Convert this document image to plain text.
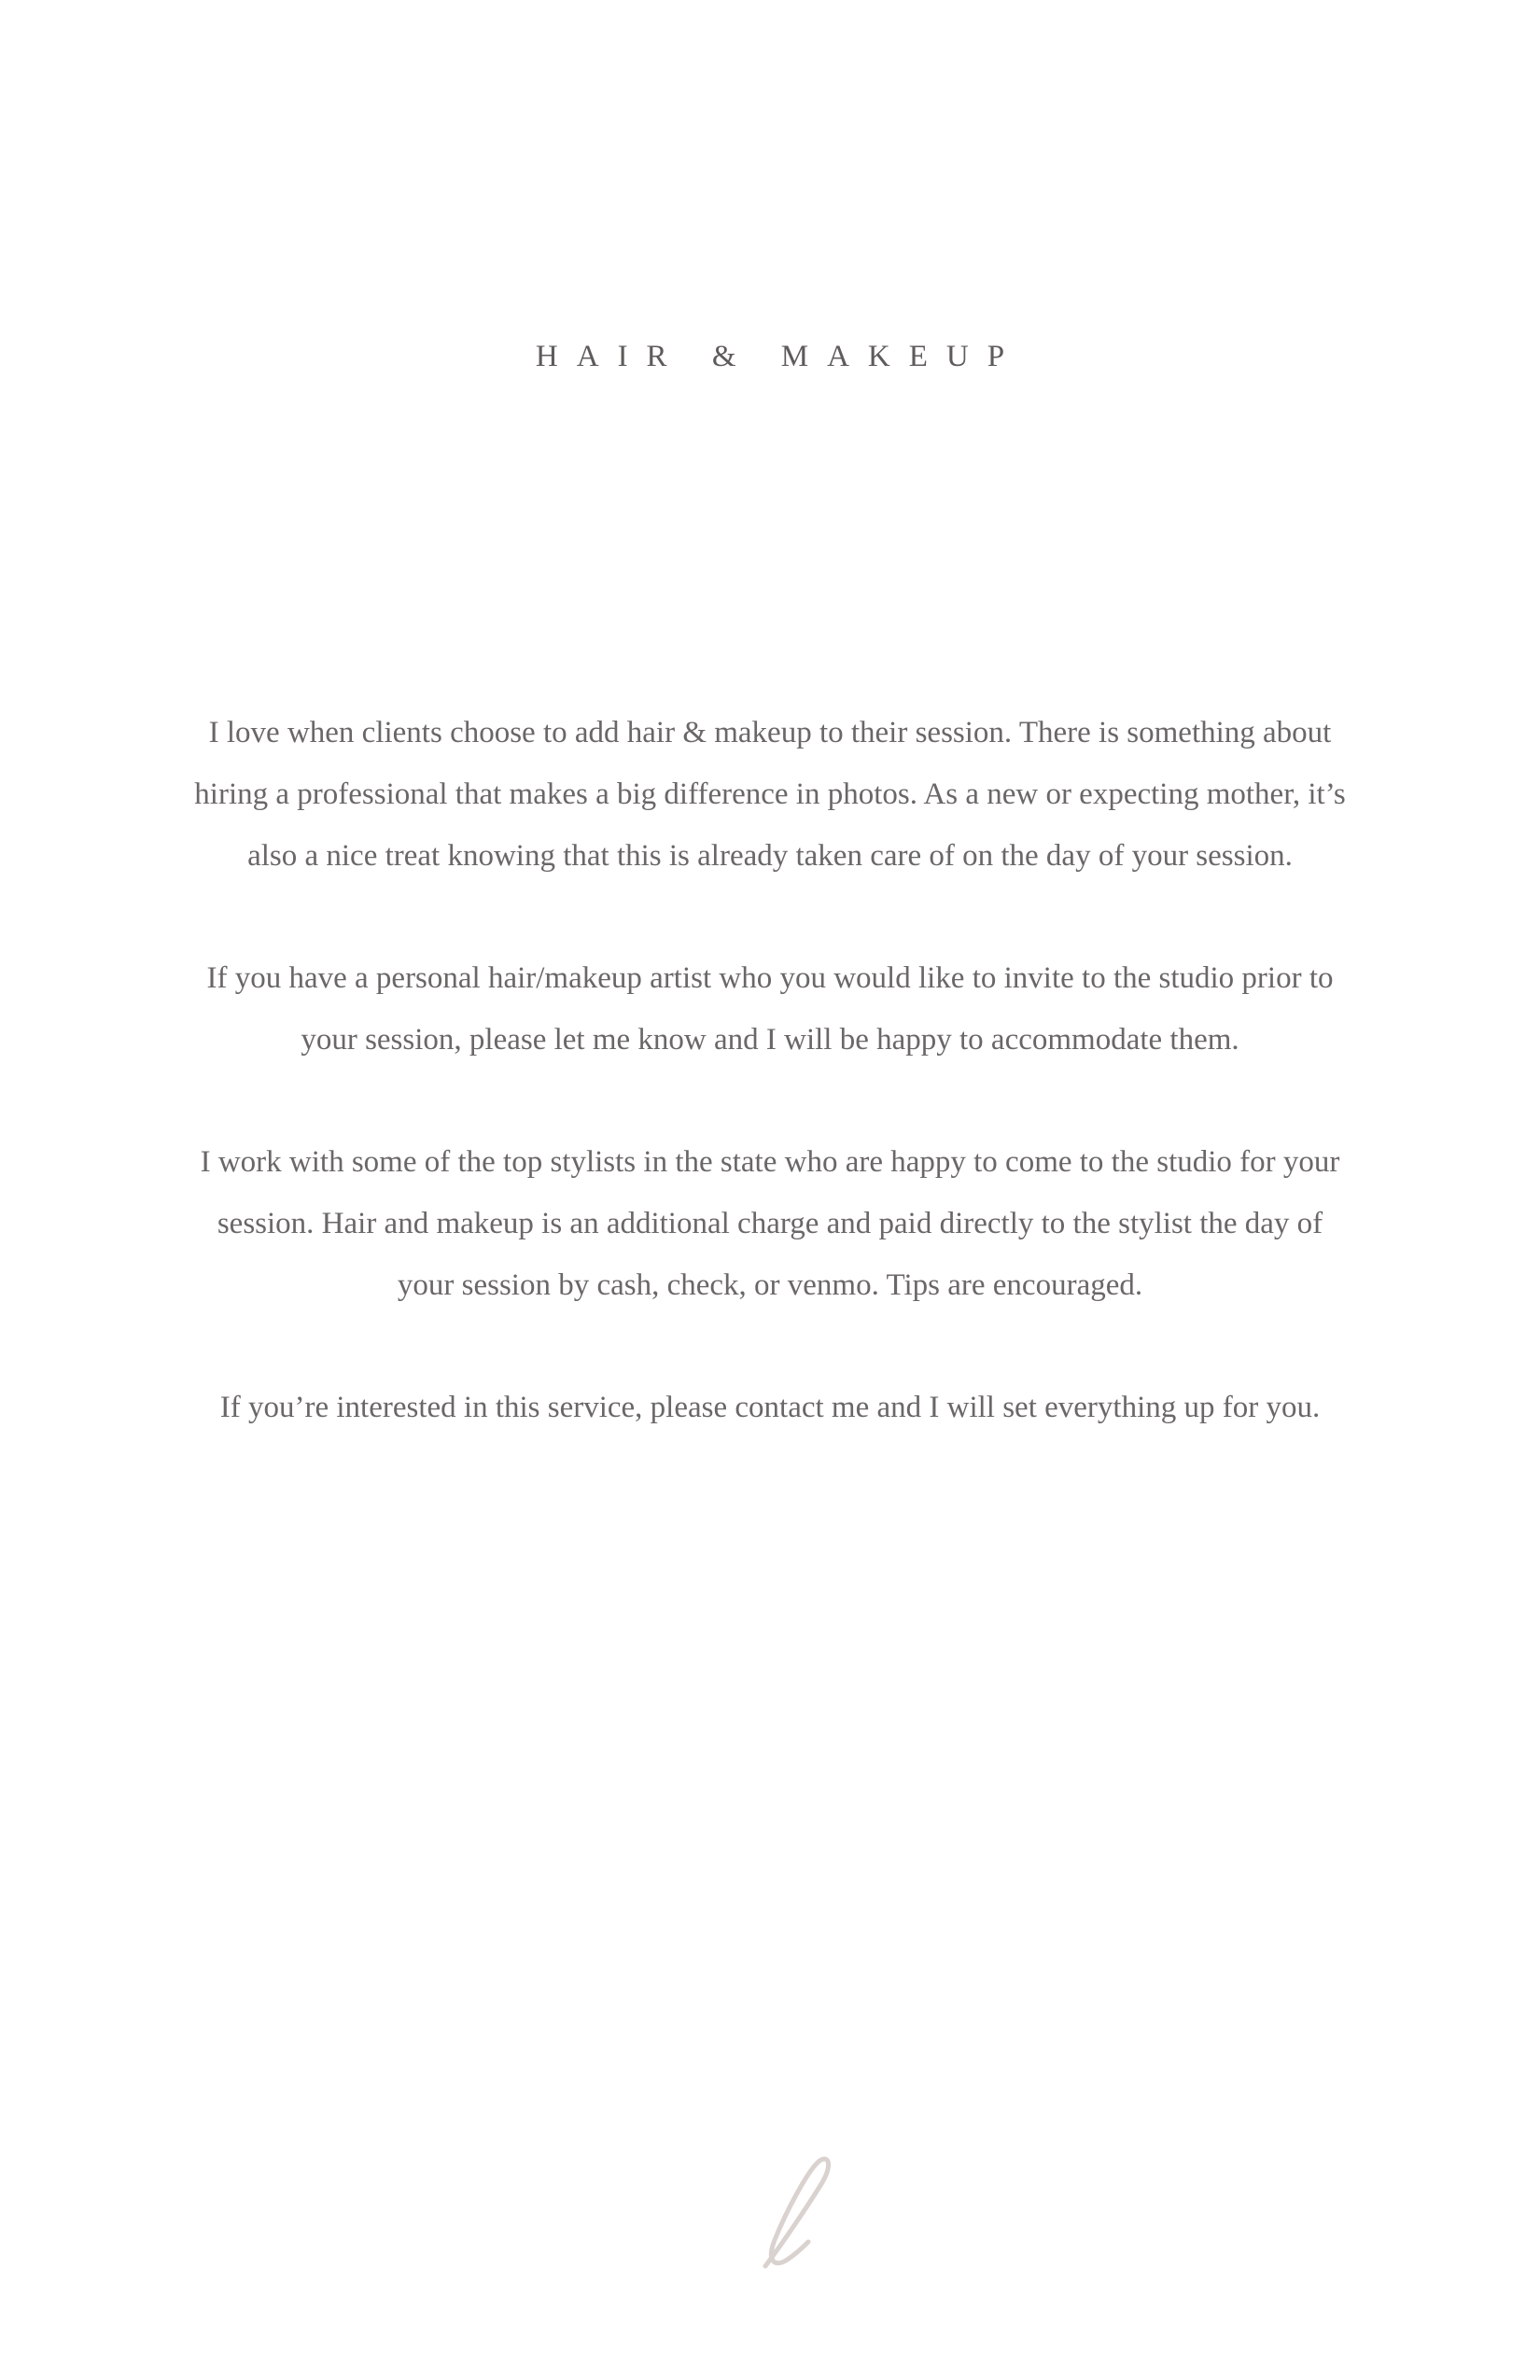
HAIR & MAKEUP

I love when clients choose to add hair & makeup to their session. There is something about hiring a professional that makes a big difference in photos. As a new or expecting mother, it’s also a nice treat knowing that this is already taken care of on the day of your session.

If you have a personal hair/makeup artist who you would like to invite to the studio prior to your session, please let me know and I will be happy to accommodate them.

I work with some of the top stylists in the state who are happy to come to the studio for your session. Hair and makeup is an additional charge and paid directly to the stylist the day of your session by cash, check, or venmo. Tips are encouraged.

If you’re interested in this service, please contact me and I will set everything up for you.
